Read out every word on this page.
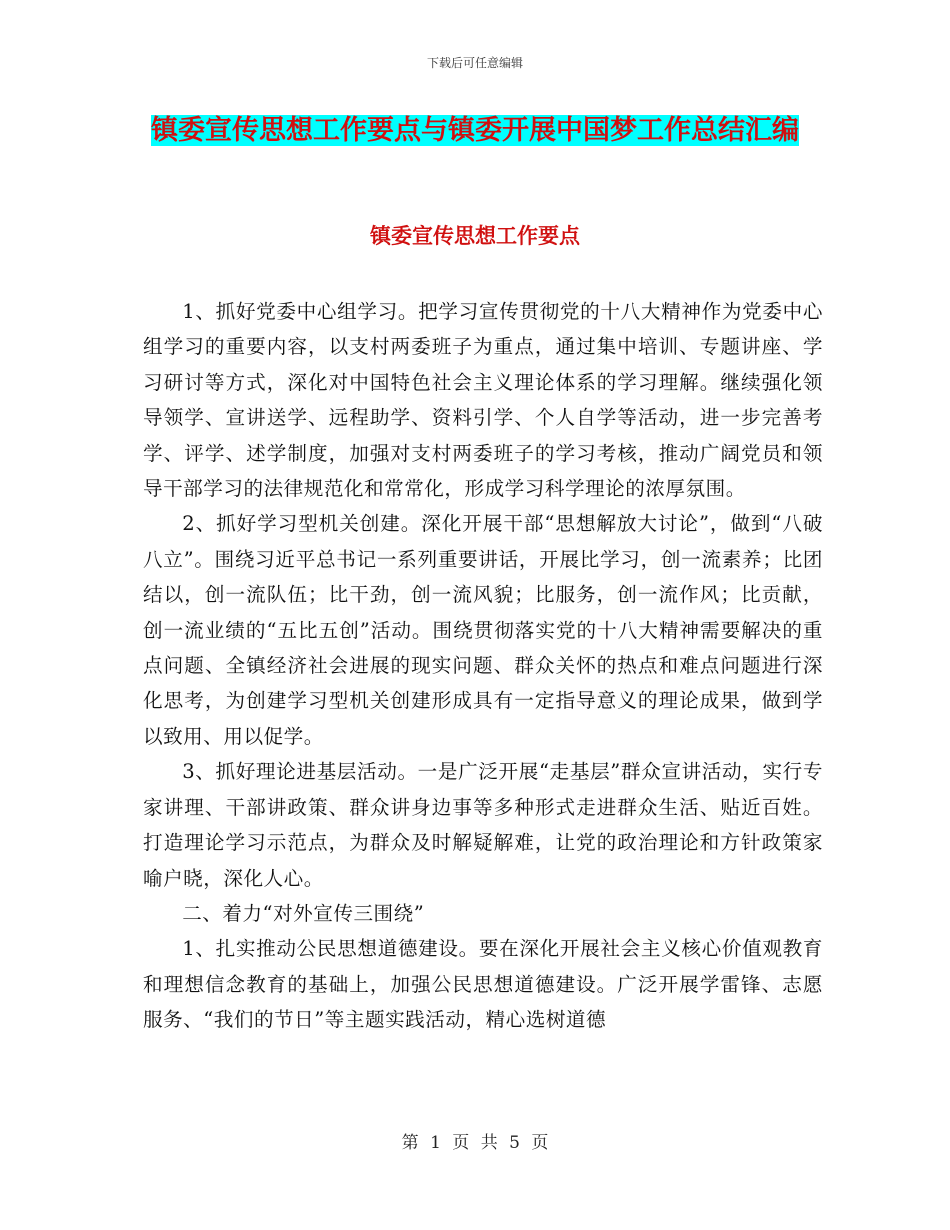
下载后可任意编辑
镇委宣传思想工作要点与镇委开展中国梦工作总结汇编
镇委宣传思想工作要点

1、抓好党委中心组学习。把学习宣传贯彻党的十八大精神作为党委中心组学习的重要内容，以支村两委班子为重点，通过集中培训、专题讲座、学习研讨等方式，深化对中国特色社会主义理论体系的学习理解。继续强化领导领学、宣讲送学、远程助学、资料引学、个人自学等活动，进一步完善考学、评学、述学制度，加强对支村两委班子的学习考核，推动广阔党员和领导干部学习的法律规范化和常常化，形成学习科学理论的浓厚氛围。

2、抓好学习型机关创建。深化开展干部“思想解放大讨论”，做到“八破八立”。围绕习近平总书记一系列重要讲话，开展比学习，创一流素养；比团结以，创一流队伍；比干劲，创一流风貌；比服务，创一流作风；比贡献，创一流业绩的“五比五创”活动。围绕贯彻落实党的十八大精神需要解决的重点问题、全镇经济社会进展的现实问题、群众关怀的热点和难点问题进行深化思考，为创建学习型机关创建形成具有一定指导意义的理论成果，做到学以致用、用以促学。

3、抓好理论进基层活动。一是广泛开展“走基层”群众宣讲活动，实行专家讲理、干部讲政策、群众讲身边事等多种形式走进群众生活、贴近百姓。打造理论学习示范点，为群众及时解疑解难，让党的政治理论和方针政策家喻户晓，深化人心。

二、着力“对外宣传三围绕”

1、扎实推动公民思想道德建设。要在深化开展社会主义核心价值观教育和理想信念教育的基础上，加强公民思想道德建设。广泛开展学雷锋、志愿服务、“我们的节日”等主题实践活动，精心选树道德

第 1 页 共 5 页
